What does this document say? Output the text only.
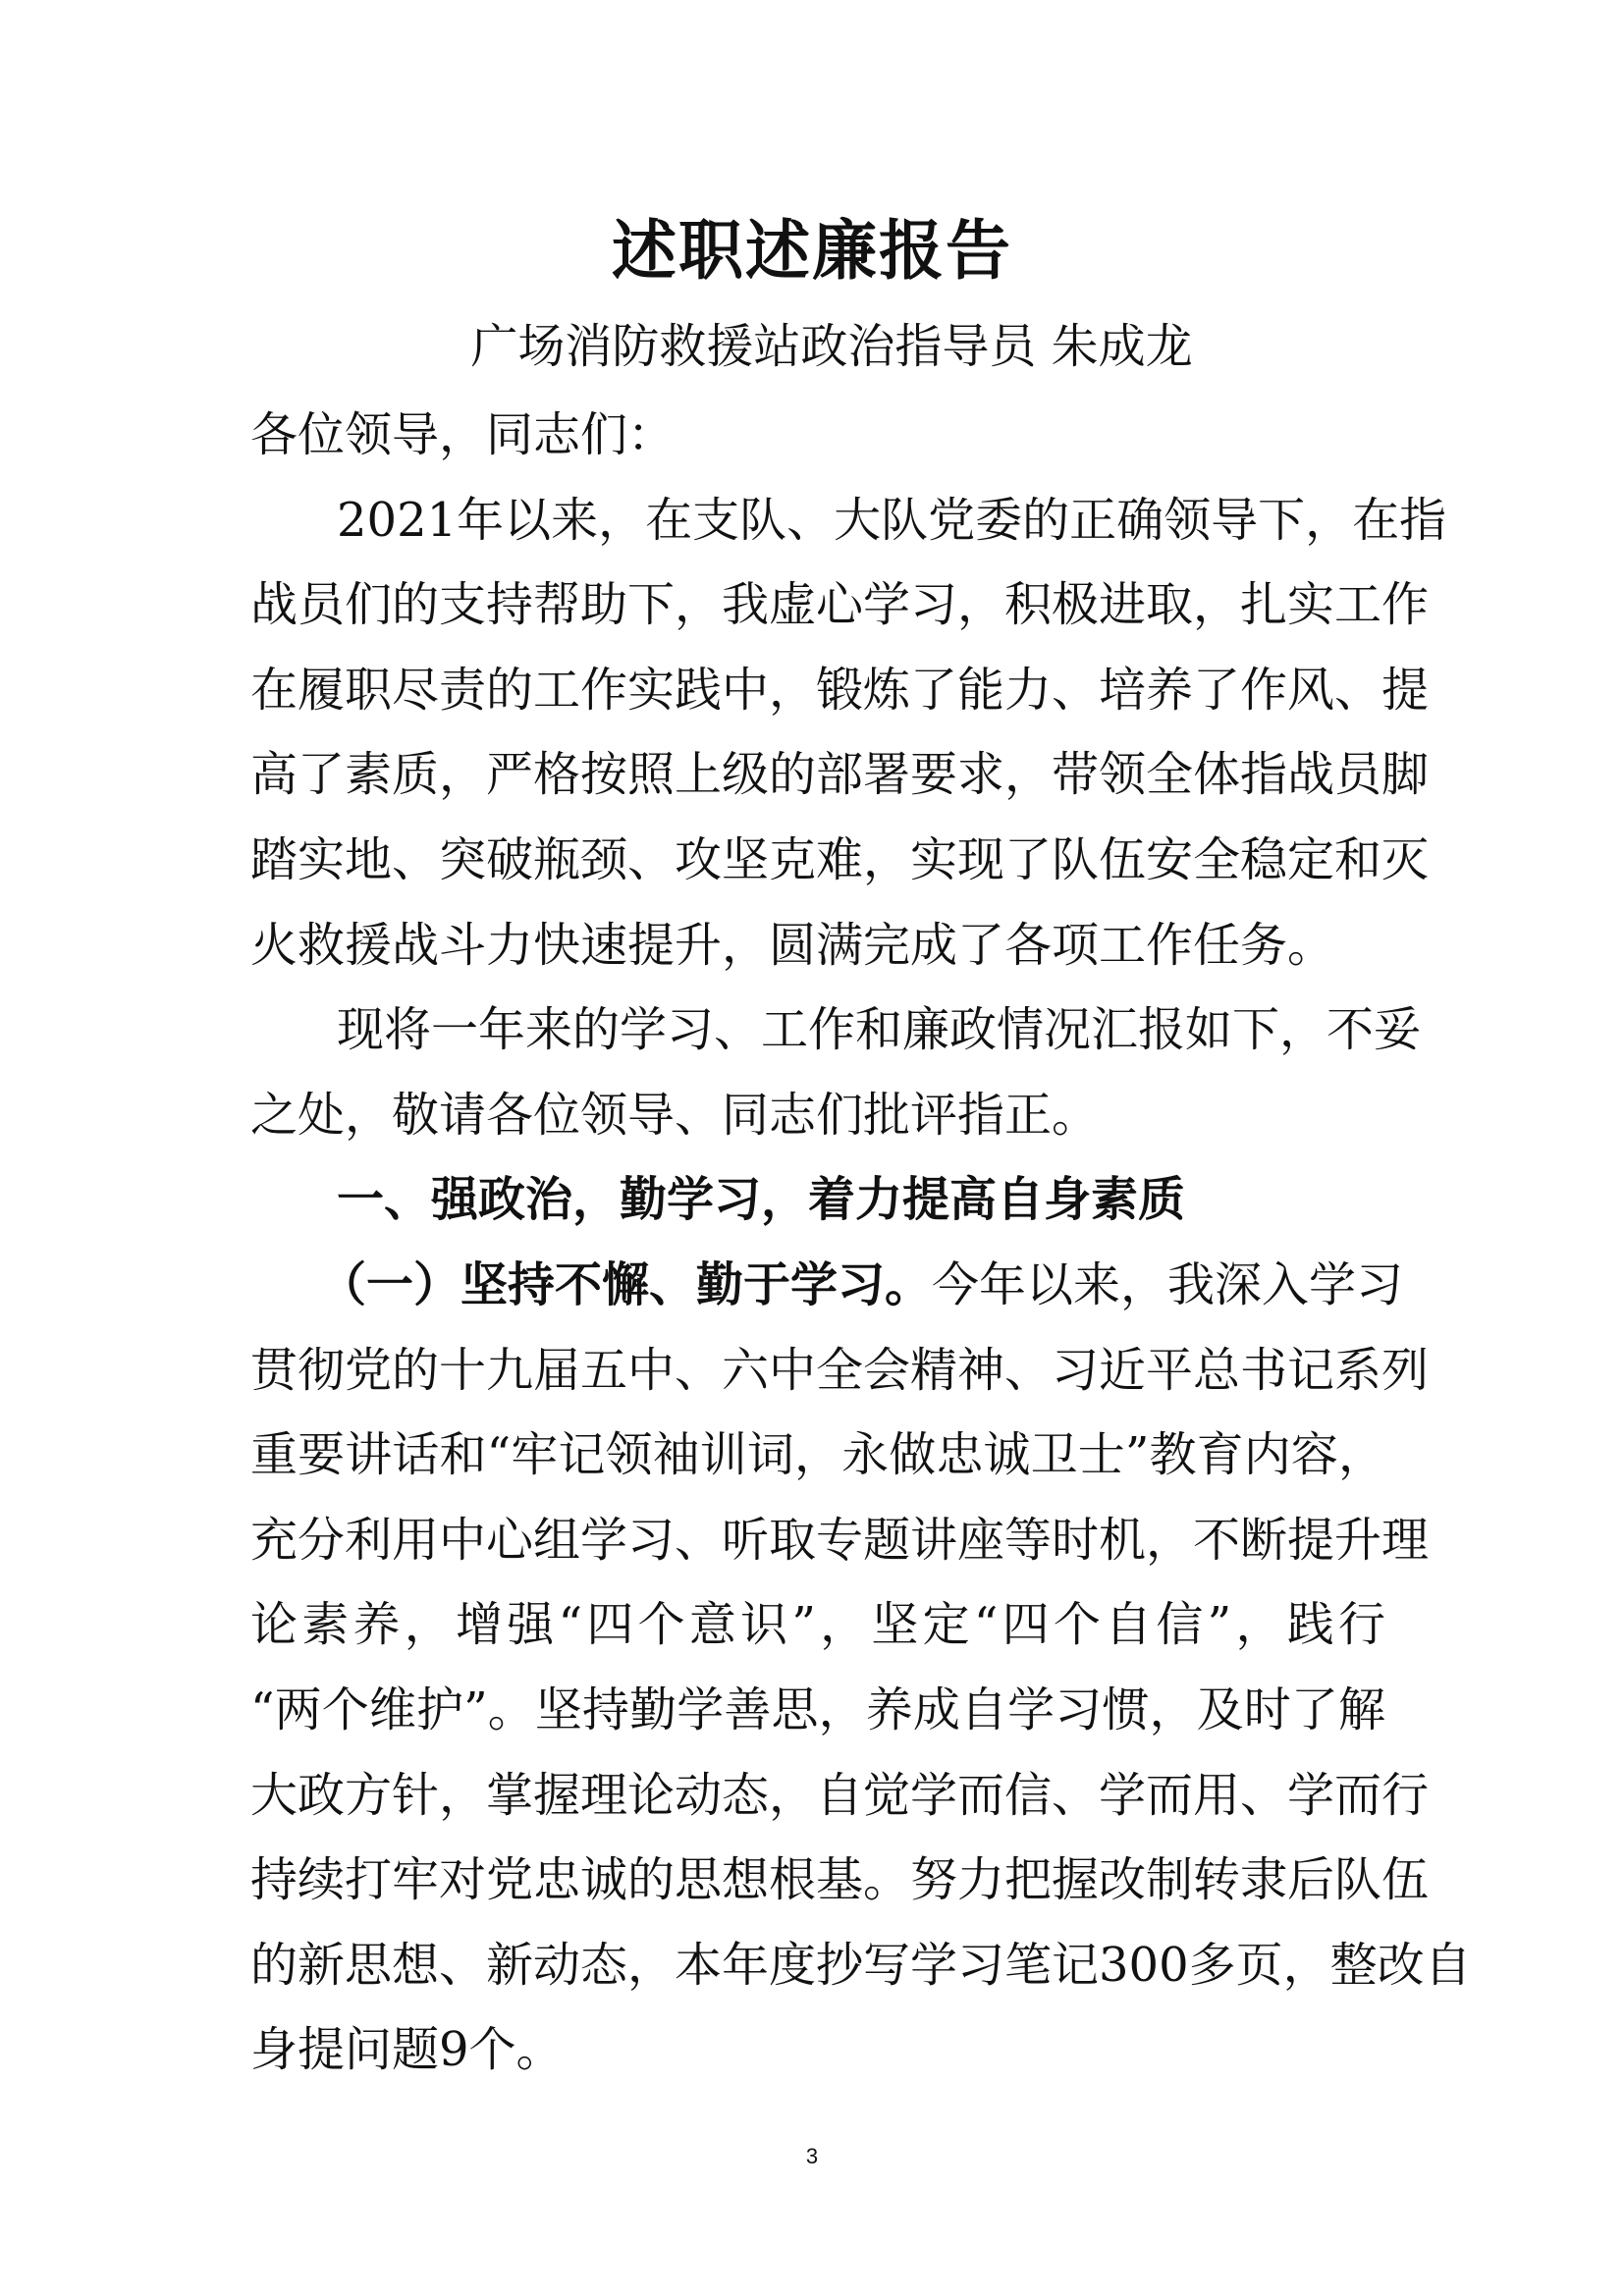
述职述廉报告
广场消防救援站政治指导员 朱成龙
各位领导，同志们：
2021年以来，在支队、大队党委的正确领导下，在指
战员们的支持帮助下，我虚心学习，积极进取，扎实工作
在履职尽责的工作实践中，锻炼了能力、培养了作风、提
高了素质，严格按照上级的部署要求，带领全体指战员脚
踏实地、突破瓶颈、攻坚克难，实现了队伍安全稳定和灭
火救援战斗力快速提升，圆满完成了各项工作任务。
现将一年来的学习、工作和廉政情况汇报如下，不妥
之处，敬请各位领导、同志们批评指正。
一、强政治，勤学习，着力提高自身素质
（一）坚持不懈、勤于学习。今年以来，我深入学习
贯彻党的十九届五中、六中全会精神、习近平总书记系列
重要讲话和“牢记领袖训词，永做忠诚卫士”教育内容，
充分利用中心组学习、听取专题讲座等时机，不断提升理
论素养，增强“四个意识”，坚定“四个自信”，践行
“两个维护”。坚持勤学善思，养成自学习惯，及时了解
大政方针，掌握理论动态，自觉学而信、学而用、学而行
持续打牢对党忠诚的思想根基。努力把握改制转隶后队伍
的新思想、新动态，本年度抄写学习笔记300多页，整改自
身提问题9个。
3
